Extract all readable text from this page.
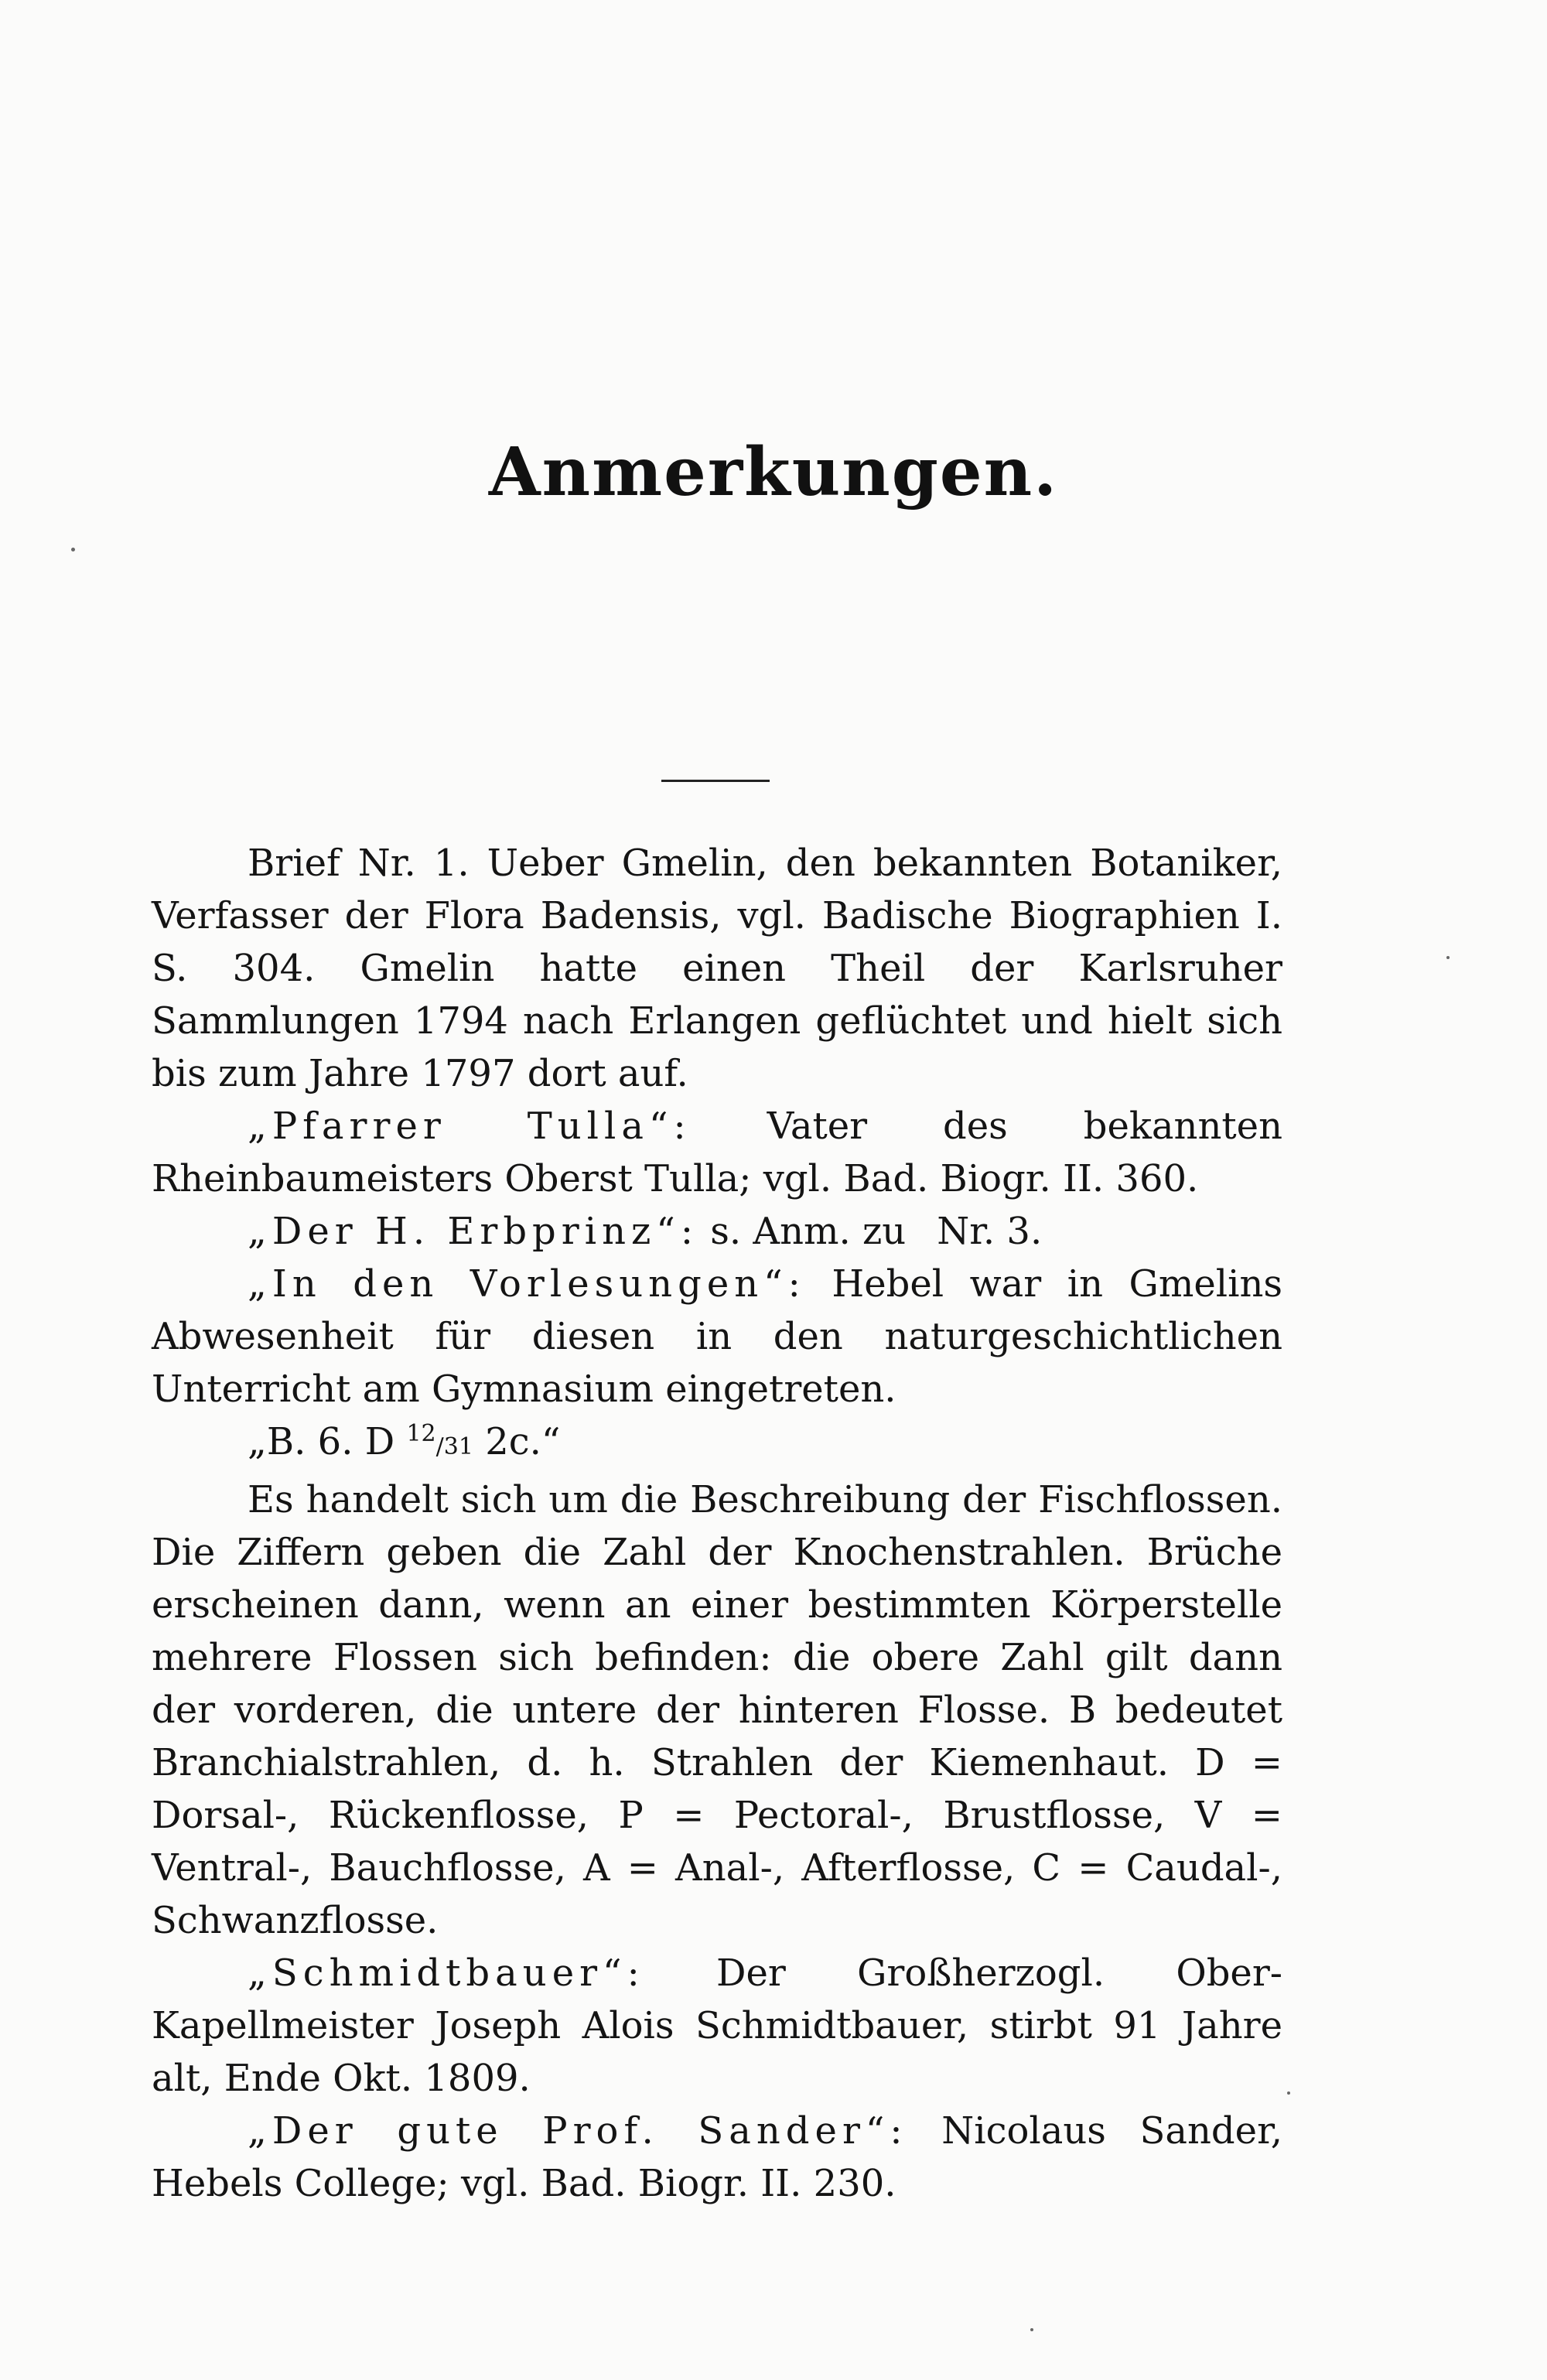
Anmerkungen.

Brief Nr. 1. Ueber Gmelin, den bekannten Botaniker, Verfasser der Flora Badensis, vgl. Badische Biographien I. S. 304. Gmelin hatte einen Theil der Karlsruher Sammlungen 1794 nach Erlangen geflüchtet und hielt sich bis zum Jahre 1797 dort auf.

„Pfarrer Tulla“: Vater des bekannten Rheinbaumeisters Oberst Tulla; vgl. Bad. Biogr. II. 360.

„Der H. Erbprinz“: s. Anm. zu Nr. 3.

„In den Vorlesungen“: Hebel war in Gmelins Abwesenheit für diesen in den naturgeschichtlichen Unterricht am Gymnasium eingetreten.

„B. 6. D $^{12}$/31 2c.“

Es handelt sich um die Beschreibung der Fischflossen. Die Ziffern geben die Zahl der Knochenstrahlen. Brüche erscheinen dann, wenn an einer bestimmten Körperstelle mehrere Flossen sich befinden: die obere Zahl gilt dann der vorderen, die untere der hinteren Flosse. B bedeutet Branchialstrahlen, d. h. Strahlen der Kiemenhaut. D = Dorsal-, Rückenflosse, P = Pectoral-, Brustflosse, V = Ventral-, Bauchflosse, A = Anal-, Afterflosse, C = Caudal-, Schwanzflosse.

„Schmidtbauer“: Der Großherzogl. Ober-Kapellmeister Joseph Alois Schmidtbauer, stirbt 91 Jahre alt, Ende Okt. 1809.

„Der gute Prof. Sander“: Nicolaus Sander, Hebels College; vgl. Bad. Biogr. II. 230.
